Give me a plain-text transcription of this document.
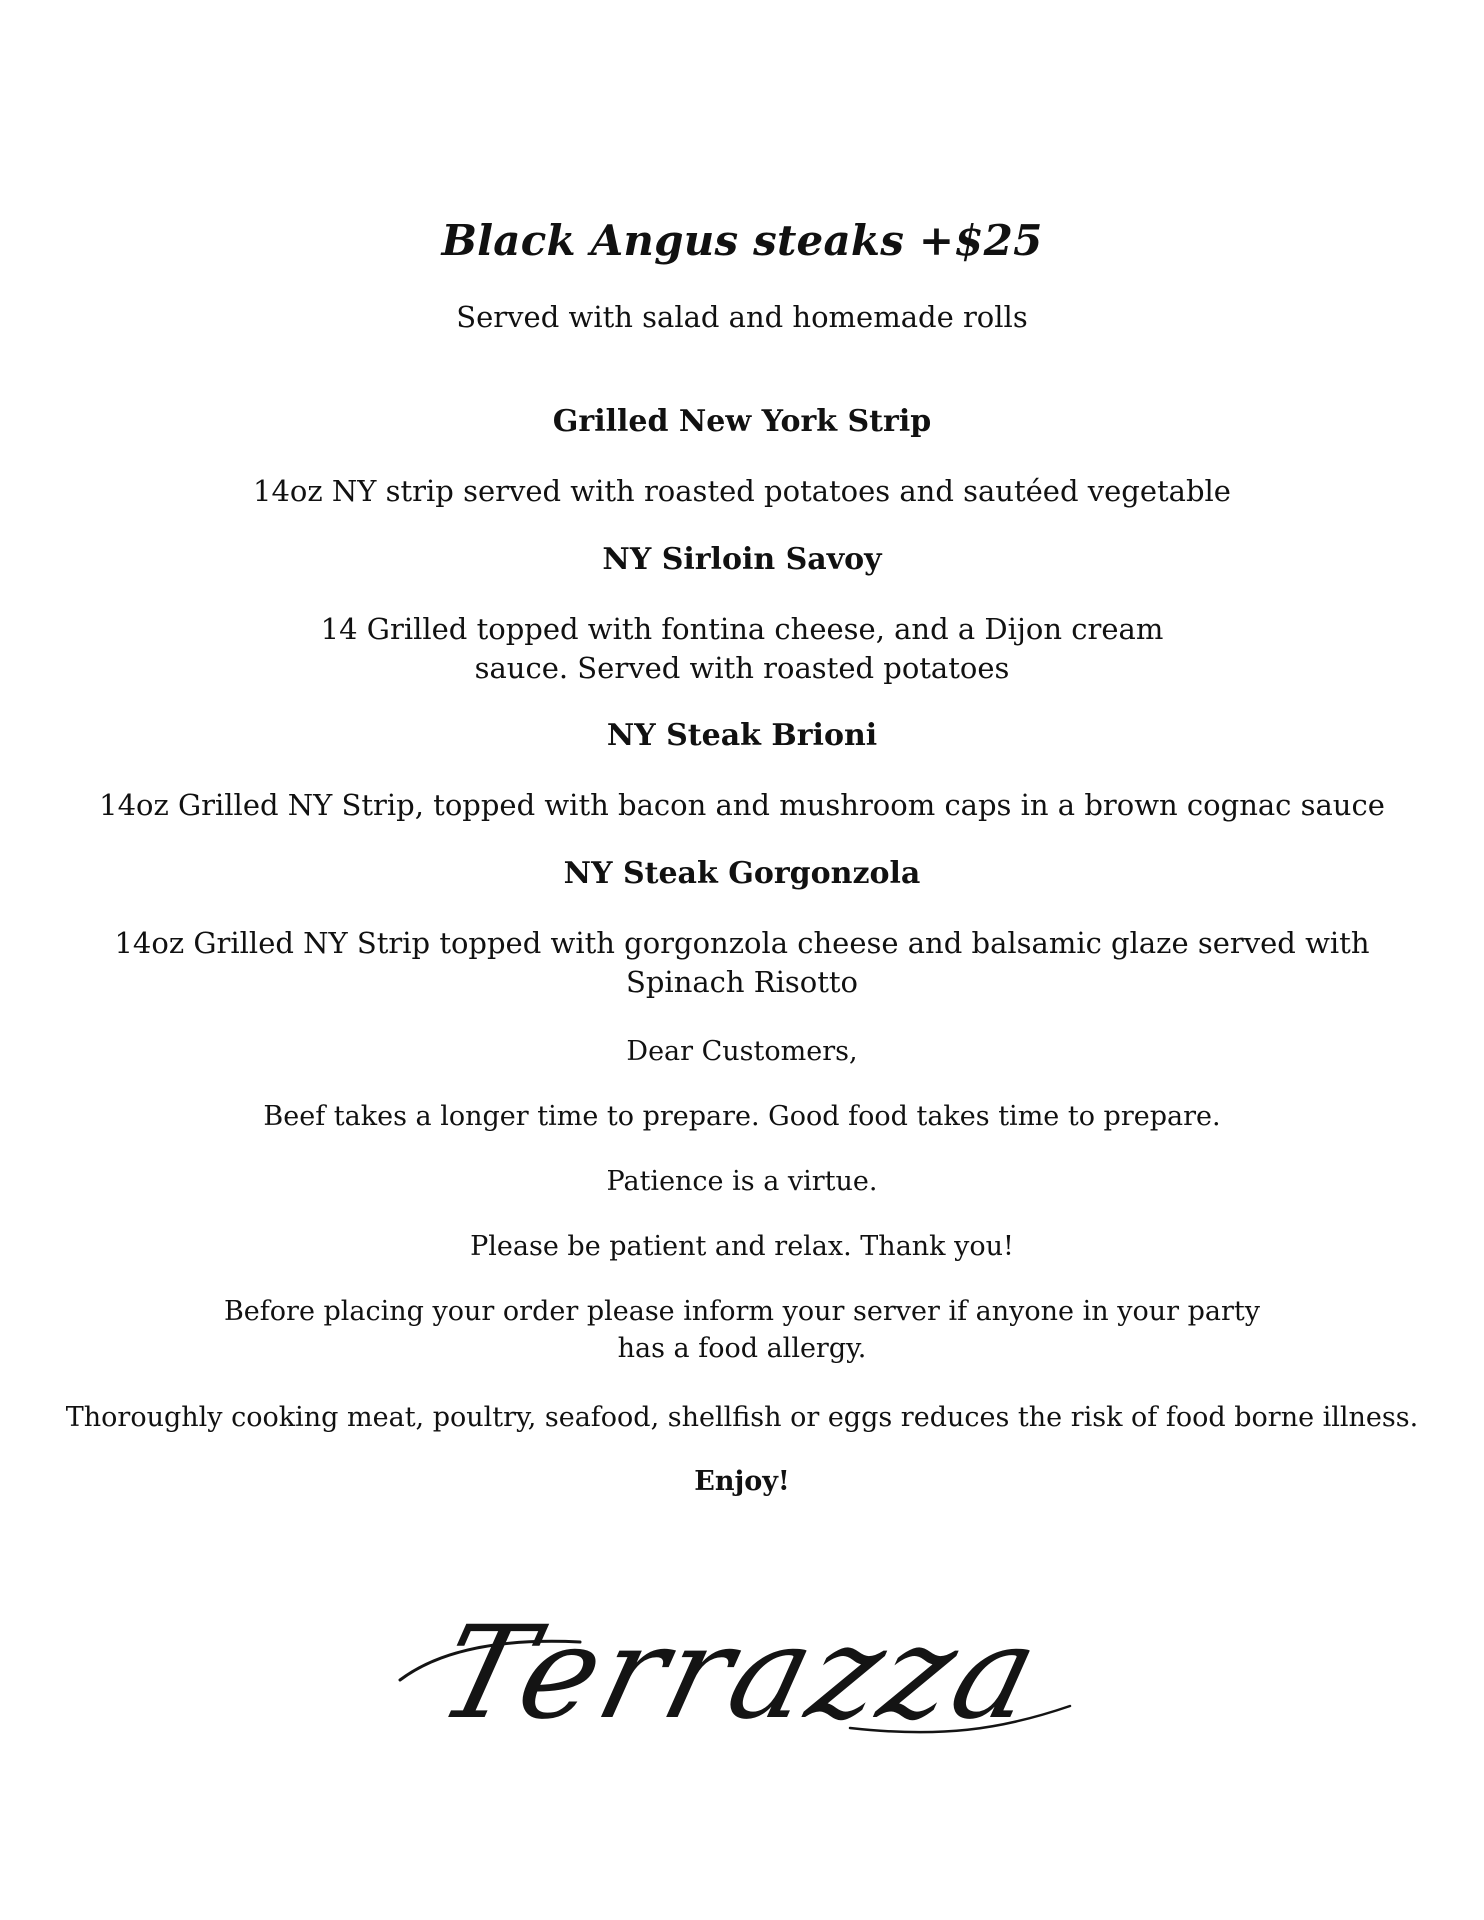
Black Angus steaks +$25
Served with salad and homemade rolls
Grilled New York Strip
14oz NY strip served with roasted potatoes and sautéed vegetable
NY Sirloin Savoy
14 Grilled topped with fontina cheese, and a Dijon cream
sauce. Served with roasted potatoes
NY Steak Brioni
14oz Grilled NY Strip, topped with bacon and mushroom caps in a brown cognac sauce
NY Steak Gorgonzola
14oz Grilled NY Strip topped with gorgonzola cheese and balsamic glaze served with
Spinach Risotto
Dear Customers,
Beef takes a longer time to prepare. Good food takes time to prepare.
Patience is a virtue.
Please be patient and relax. Thank you!
Before placing your order please inform your server if anyone in your party
has a food allergy.
Thoroughly cooking meat, poultry, seafood, shellfish or eggs reduces the risk of food borne illness.
Enjoy!
Terrazza
